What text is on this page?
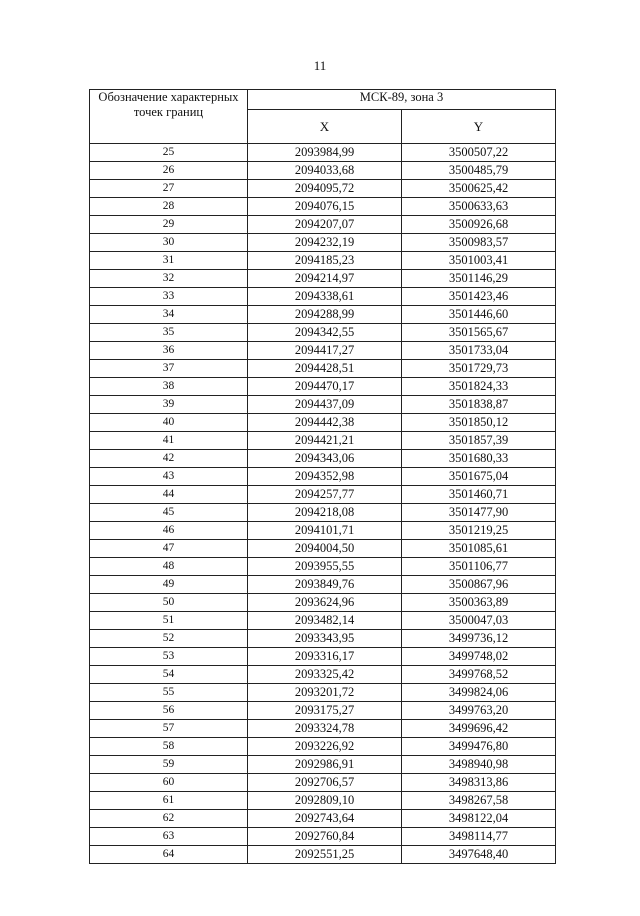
11
Обозначение характерных точек границ	МСК-89, зона 3	
	X	Y
25	2093984,99	3500507,22
26	2094033,68	3500485,79
27	2094095,72	3500625,42
28	2094076,15	3500633,63
29	2094207,07	3500926,68
30	2094232,19	3500983,57
31	2094185,23	3501003,41
32	2094214,97	3501146,29
33	2094338,61	3501423,46
34	2094288,99	3501446,60
35	2094342,55	3501565,67
36	2094417,27	3501733,04
37	2094428,51	3501729,73
38	2094470,17	3501824,33
39	2094437,09	3501838,87
40	2094442,38	3501850,12
41	2094421,21	3501857,39
42	2094343,06	3501680,33
43	2094352,98	3501675,04
44	2094257,77	3501460,71
45	2094218,08	3501477,90
46	2094101,71	3501219,25
47	2094004,50	3501085,61
48	2093955,55	3501106,77
49	2093849,76	3500867,96
50	2093624,96	3500363,89
51	2093482,14	3500047,03
52	2093343,95	3499736,12
53	2093316,17	3499748,02
54	2093325,42	3499768,52
55	2093201,72	3499824,06
56	2093175,27	3499763,20
57	2093324,78	3499696,42
58	2093226,92	3499476,80
59	2092986,91	3498940,98
60	2092706,57	3498313,86
61	2092809,10	3498267,58
62	2092743,64	3498122,04
63	2092760,84	3498114,77
64	2092551,25	3497648,40
